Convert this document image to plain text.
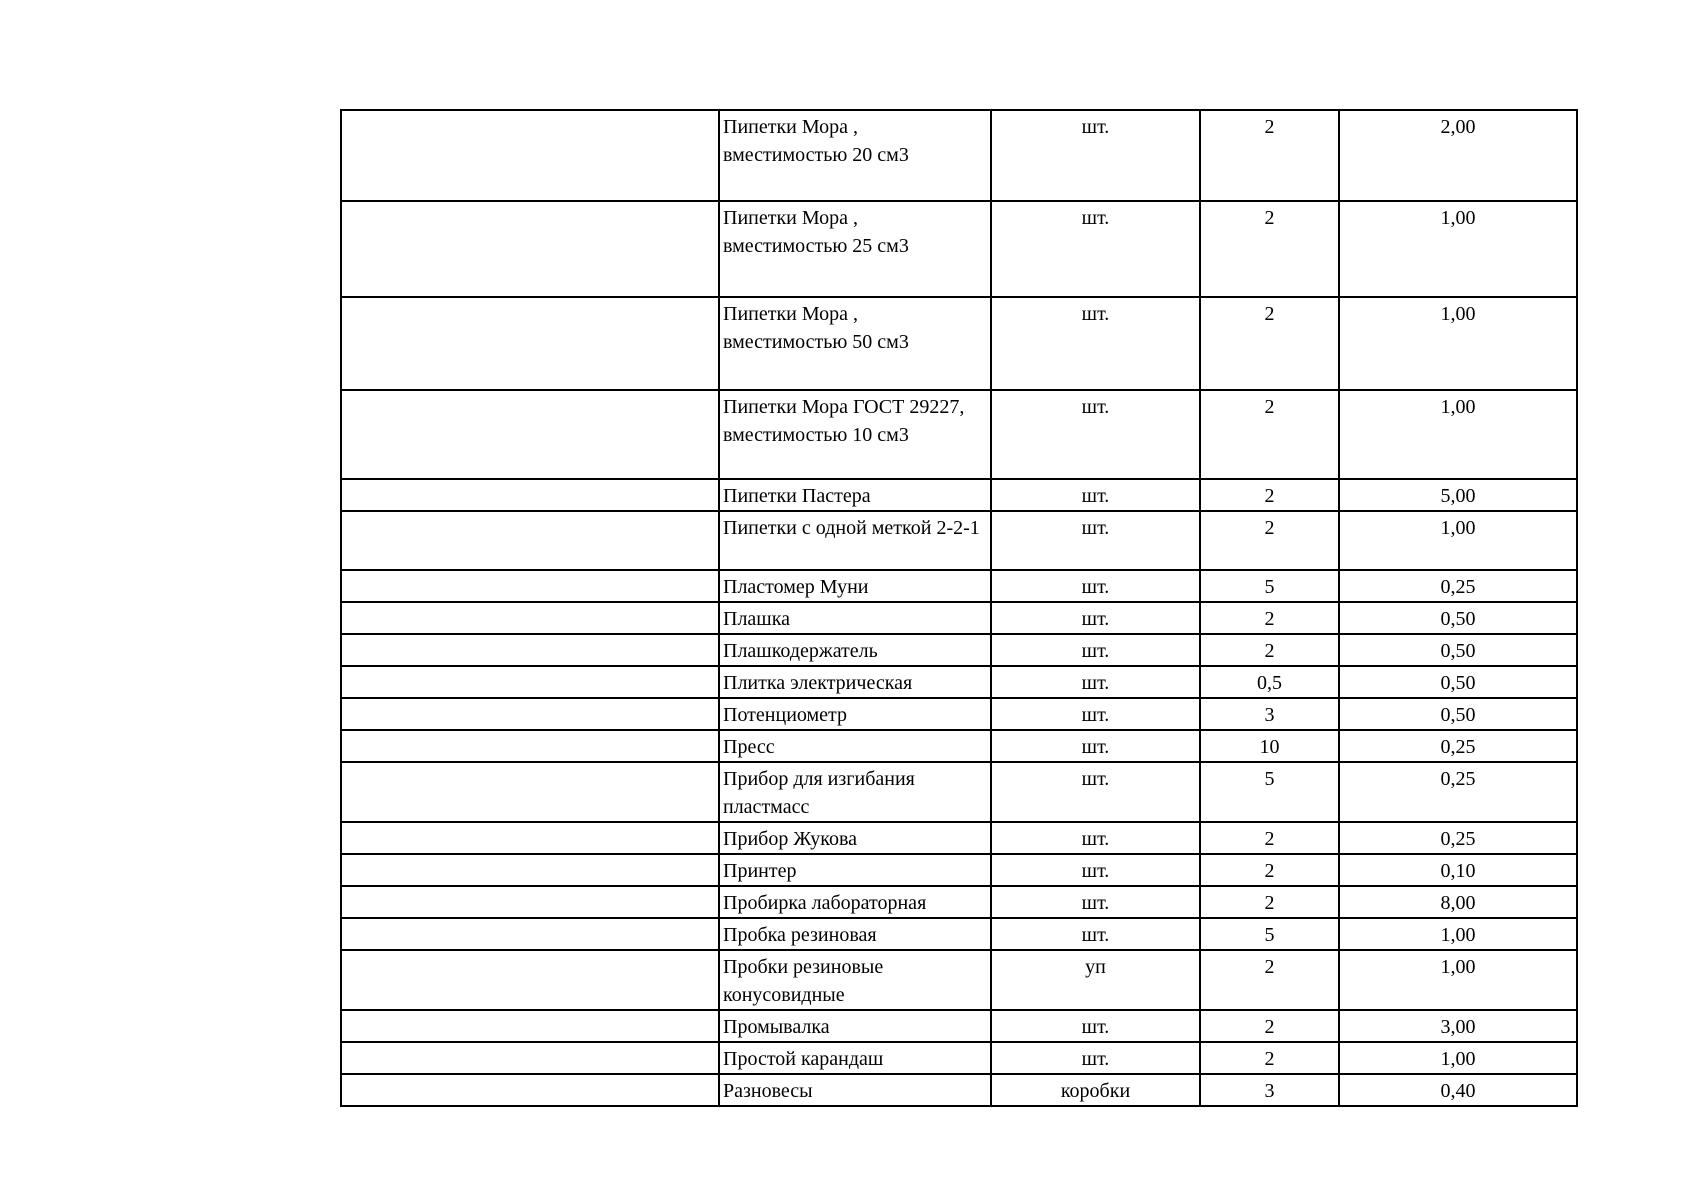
	Пипетки Мора , вместимостью 20 см3	шт.	2	2,00
	Пипетки Мора , вместимостью 25 см3	шт.	2	1,00
	Пипетки Мора , вместимостью 50 см3	шт.	2	1,00
	Пипетки Мора ГОСТ 29227, вместимостью 10 см3	шт.	2	1,00
	Пипетки Пастера	шт.	2	5,00
	Пипетки с одной меткой 2-2-1	шт.	2	1,00
	Пластомер Муни	шт.	5	0,25
	Плашка	шт.	2	0,50
	Плашкодержатель	шт.	2	0,50
	Плитка электрическая	шт.	0,5	0,50
	Потенциометр	шт.	3	0,50
	Пресс	шт.	10	0,25
	Прибор для изгибания пластмасс	шт.	5	0,25
	Прибор Жукова	шт.	2	0,25
	Принтер	шт.	2	0,10
	Пробирка лабораторная	шт.	2	8,00
	Пробка резиновая	шт.	5	1,00
	Пробки резиновые конусовидные	уп	2	1,00
	Промывалка	шт.	2	3,00
	Простой карандаш	шт.	2	1,00
	Разновесы	коробки	3	0,40
